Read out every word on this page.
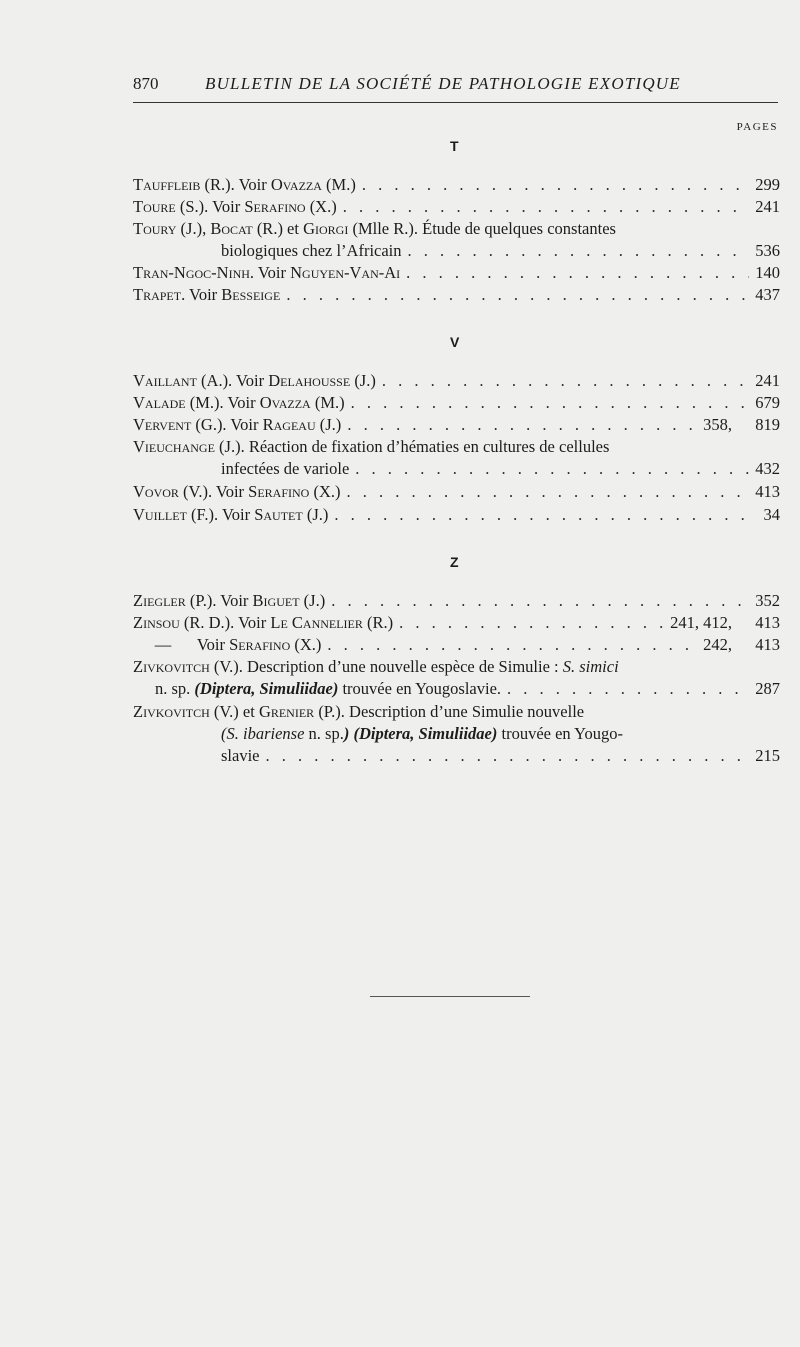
870	BULLETIN DE LA SOCIÉTÉ DE PATHOLOGIE EXOTIQUE
PAGES
T
Tauffleib (R.). Voir Ovazza (M.) . . .	299
Toure (S.). Voir Serafino (X.) . . .	241
Toury (J.), Bocat (R.) et Giorgi (Mlle R.). Étude de quelques constantes
biologiques chez l’Africain . . .	536
Tran-Ngoc-Ninh. Voir Nguyen-Van-Ai . . .	140
Trapet. Voir Besseige . . .	437
V
Vaillant (A.). Voir Delahousse (J.) . . .	241
Valade (M.). Voir Ovazza (M.) . . .	679
Vervent (G.). Voir Rageau (J.) . . .	358,	819
Vieuchange (J.). Réaction de fixation d’hématies en cultures de cellules
infectées de variole . . .	432
Vovor (V.). Voir Serafino (X.) . . .	413
Vuillet (F.). Voir Sautet (J.) . . .	34
Z
Ziegler (P.). Voir Biguet (J.) . . .	352
Zinsou (R. D.). Voir Le Cannelier (R.) . . .	241, 412,	413
— Voir Serafino (X.) . . .	242,	413
Zivkovitch (V.). Description d’une nouvelle espèce de Simulie : S. simici
n. sp. (Diptera, Simuliidae) trouvée en Yougoslavie. . . .	287
Zivkovitch (V.) et Grenier (P.). Description d’une Simulie nouvelle
(S. ibariense n. sp.) (Diptera, Simuliidae) trouvée en Yougo-
slavie . . .	215
